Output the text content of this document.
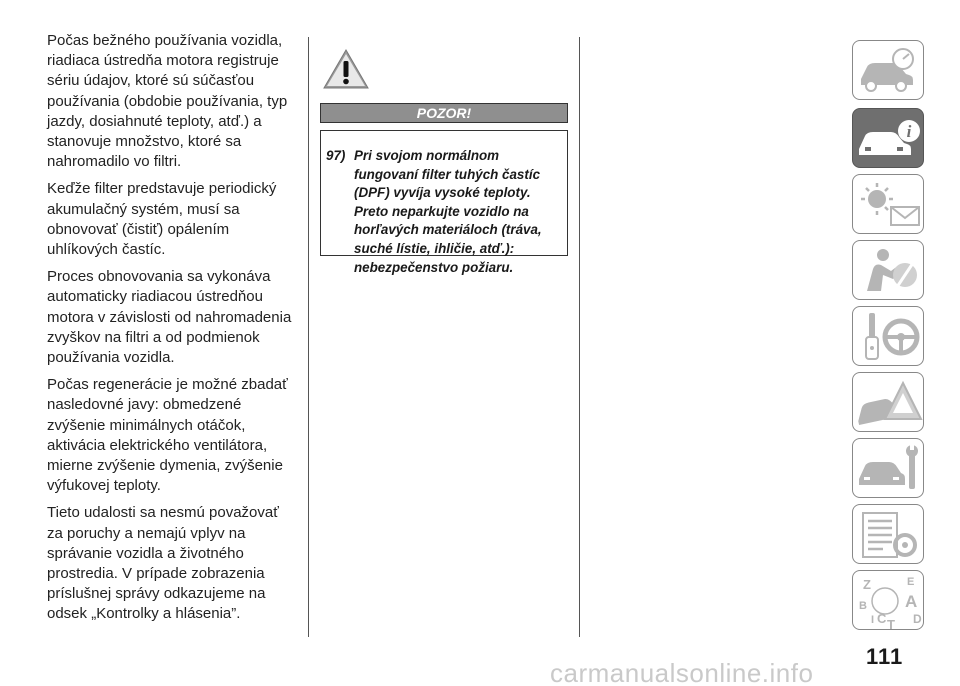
Počas bežného používania vozidla, riadiaca ústredňa motora registruje sériu údajov, ktoré sú súčasťou používania (obdobie používania, typ jazdy, dosiahnuté teploty, atď.) a stanovuje množstvo, ktoré sa nahromadilo vo filtri.

Keďže filter predstavuje periodický akumulačný systém, musí sa obnovovať (čistiť) opálením uhlíkových častíc.

Proces obnovovania sa vykonáva automaticky riadiacou ústredňou motora v závislosti od nahromadenia zvyškov na filtri a od podmienok používania vozidla.

Počas regenerácie je možné zbadať nasledovné javy: obmedzené zvýšenie minimálnych otáčok, aktivácia elektrického ventilátora, mierne zvýšenie dymenia, zvýšenie výfukovej teploty.

Tieto udalosti sa nesmú považovať za poruchy a nemajú vplyv na správanie vozidla a životného prostredia. V prípade zobrazenia príslušnej správy odkazujeme na odsek „Kontrolky a hlásenia”.

POZOR!
97) Pri svojom normálnom fungovaní filter tuhých častíc (DPF) vyvíja vysoké teploty. Preto neparkujte vozidlo na horľavých materiáloch (tráva, suché lístie, ihličie, atď.): nebezpečenstvo požiaru.
i
Z	E
B A
I C T D
carmanualsonline.info
111
